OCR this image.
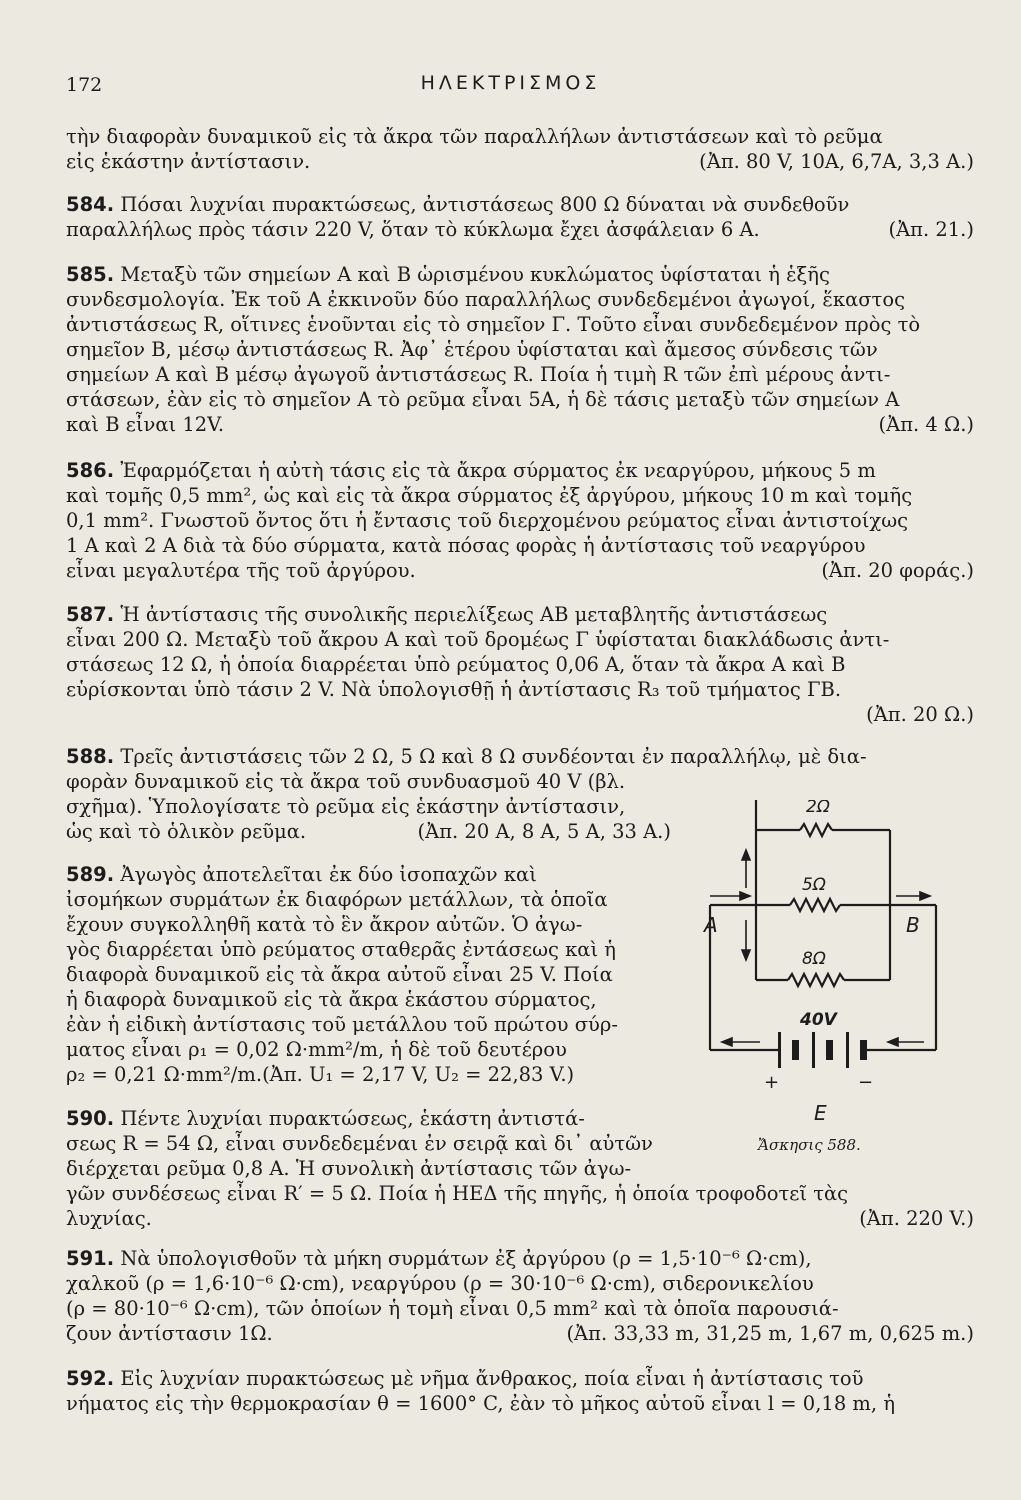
172	ΗΛΕΚΤΡΙΣΜΟΣ
τὴν διαφορὰν δυναμικοῦ εἰς τὰ ἄκρα τῶν παραλλήλων ἀντιστάσεων καὶ τὸ ρεῦμα
εἰς ἑκάστην ἀντίστασιν.	(Ἀπ. 80 V, 10A, 6,7A, 3,3 A.)
584. Πόσαι λυχνίαι πυρακτώσεως, ἀντιστάσεως 800 Ω δύναται νὰ συνδεθοῦν
παραλλήλως πρὸς τάσιν 220 V, ὅταν τὸ κύκλωμα ἔχει ἀσφάλειαν 6 A.	(Ἀπ. 21.)
585. Μεταξὺ τῶν σημείων A καὶ B ὡρισμένου κυκλώματος ὑφίσταται ἡ ἑξῆς
συνδεσμολογία. Ἐκ τοῦ A ἐκκινοῦν δύο παραλλήλως συνδεδεμένοι ἀγωγοί, ἕκαστος
ἀντιστάσεως R, οἵτινες ἑνοῦνται εἰς τὸ σημεῖον Γ. Τοῦτο εἶναι συνδεδεμένον πρὸς τὸ
σημεῖον B, μέσῳ ἀντιστάσεως R. Ἀφ᾽ ἑτέρου ὑφίσταται καὶ ἄμεσος σύνδεσις τῶν
σημείων A καὶ B μέσῳ ἀγωγοῦ ἀντιστάσεως R. Ποία ἡ τιμὴ R τῶν ἐπὶ μέρους ἀντι-
στάσεων, ἐὰν εἰς τὸ σημεῖον A τὸ ρεῦμα εἶναι 5A, ἡ δὲ τάσις μεταξὺ τῶν σημείων A
καὶ B εἶναι 12V.	(Ἀπ. 4 Ω.)
586. Ἐφαρμόζεται ἡ αὐτὴ τάσις εἰς τὰ ἄκρα σύρματος ἐκ νεαργύρου, μήκους 5 m
καὶ τομῆς 0,5 mm², ὡς καὶ εἰς τὰ ἄκρα σύρματος ἐξ ἀργύρου, μήκους 10 m καὶ τομῆς
0,1 mm². Γνωστοῦ ὄντος ὅτι ἡ ἔντασις τοῦ διερχομένου ρεύματος εἶναι ἀντιστοίχως
1 A καὶ 2 A διὰ τὰ δύο σύρματα, κατὰ πόσας φορὰς ἡ ἀντίστασις τοῦ νεαργύρου
εἶναι μεγαλυτέρα τῆς τοῦ ἀργύρου.	(Ἀπ. 20 φοράς.)
587. Ἡ ἀντίστασις τῆς συνολικῆς περιελίξεως AB μεταβλητῆς ἀντιστάσεως
εἶναι 200 Ω. Μεταξὺ τοῦ ἄκρου A καὶ τοῦ δρομέως Γ ὑφίσταται διακλάδωσις ἀντι-
στάσεως 12 Ω, ἡ ὁποία διαρρέεται ὑπὸ ρεύματος 0,06 A, ὅταν τὰ ἄκρα A καὶ B
εὑρίσκονται ὑπὸ τάσιν 2 V. Νὰ ὑπολογισθῇ ἡ ἀντίστασις R₃ τοῦ τμήματος ΓΒ.
(Ἀπ. 20 Ω.)

588. Τρεῖς ἀντιστάσεις τῶν 2 Ω, 5 Ω καὶ 8 Ω συνδέονται ἐν παραλλήλῳ, μὲ δια-
φορὰν δυναμικοῦ εἰς τὰ ἄκρα τοῦ συνδυασμοῦ 40 V (βλ.
σχῆμα). Ὑπολογίσατε τὸ ρεῦμα εἰς ἑκάστην ἀντίστασιν,
ὡς καὶ τὸ ὁλικὸν ρεῦμα.	(Ἀπ. 20 A, 8 A, 5 A, 33 A.)
589. Ἀγωγὸς ἀποτελεῖται ἐκ δύο ἰσοπαχῶν καὶ
ἰσομήκων συρμάτων ἐκ διαφόρων μετάλλων, τὰ ὁποῖα
ἔχουν συγκολληθῆ κατὰ τὸ ἓν ἄκρον αὐτῶν. Ὁ ἀγω-
γὸς διαρρέεται ὑπὸ ρεύματος σταθερᾶς ἐντάσεως καὶ ἡ
διαφορὰ δυναμικοῦ εἰς τὰ ἄκρα αὐτοῦ εἶναι 25 V. Ποία
ἡ διαφορὰ δυναμικοῦ εἰς τὰ ἄκρα ἑκάστου σύρματος,
ἐὰν ἡ εἰδικὴ ἀντίστασις τοῦ μετάλλου τοῦ πρώτου σύρ-
ματος εἶναι ρ₁ = 0,02 Ω·mm²/m, ἡ δὲ τοῦ δευτέρου
ρ₂ = 0,21 Ω·mm²/m.(Ἀπ. U₁ = 2,17 V, U₂ = 22,83 V.)
590. Πέντε λυχνίαι πυρακτώσεως, ἑκάστη ἀντιστά-
σεως R = 54 Ω, εἶναι συνδεδεμέναι ἐν σειρᾷ καὶ δι᾽ αὐτῶν
διέρχεται ρεῦμα 0,8 A. Ἡ συνολικὴ ἀντίστασις τῶν ἀγω-
γῶν συνδέσεως εἶναι R′ = 5 Ω. Ποία ἡ ΗΕΔ τῆς πηγῆς, ἡ ὁποία τροφοδοτεῖ τὰς
λυχνίας.	(Ἀπ. 220 V.)
591. Νὰ ὑπολογισθοῦν τὰ μήκη συρμάτων ἐξ ἀργύρου (ρ = 1,5·10⁻⁶ Ω·cm),
χαλκοῦ (ρ = 1,6·10⁻⁶ Ω·cm), νεαργύρου (ρ = 30·10⁻⁶ Ω·cm), σιδερονικελίου
(ρ = 80·10⁻⁶ Ω·cm), τῶν ὁποίων ἡ τομὴ εἶναι 0,5 mm² καὶ τὰ ὁποῖα παρουσιά-
ζουν ἀντίστασιν 1Ω.	(Ἀπ. 33,33 m, 31,25 m, 1,67 m, 0,625 m.)
592. Εἰς λυχνίαν πυρακτώσεως μὲ νῆμα ἄνθρακος, ποία εἶναι ἡ ἀντίστασις τοῦ
νήματος εἰς τὴν θερμοκρασίαν θ = 1600° C, ἐὰν τὸ μῆκος αὐτοῦ εἶναι l = 0,18 m, ἡ
2Ω
5Ω
8Ω
40V
A	B
E
+	−
Ἄσκησις 588.
